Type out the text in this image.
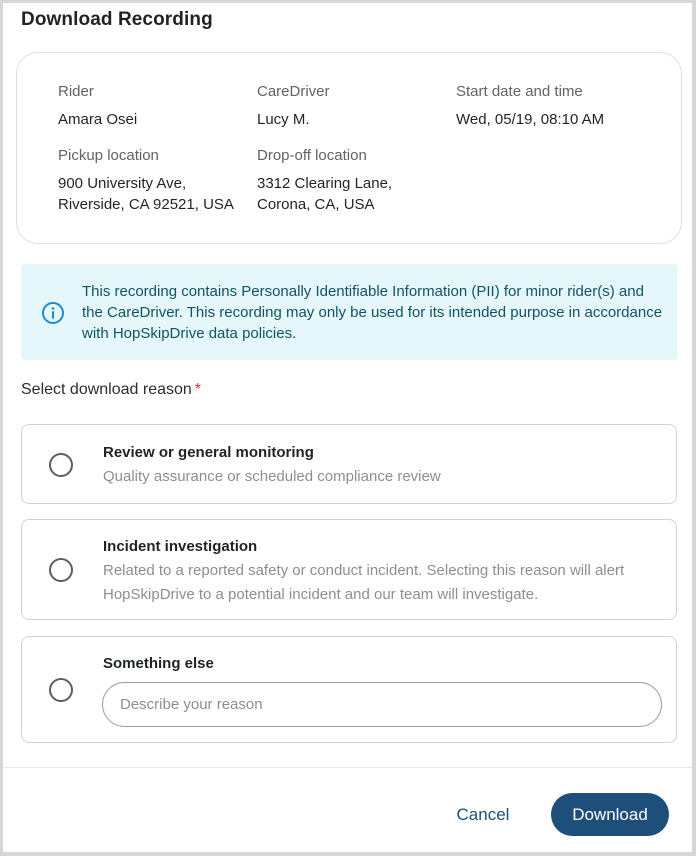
Download Recording
Rider
Amara Osei
CareDriver
Lucy M.
Start date and time
Wed, 05/19, 08:10 AM
Pickup location
900 University Ave,
Riverside, CA 92521, USA
Drop-off location
3312 Clearing Lane,
Corona, CA, USA
This recording contains Personally Identifiable Information (PII) for minor rider(s) and the CareDriver. This recording may only be used for its intended purpose in accordance with HopSkipDrive data policies.
Select download reason *
Review or general monitoring
Quality assurance or scheduled compliance review
Incident investigation
Related to a reported safety or conduct incident. Selecting this reason will alert HopSkipDrive to a potential incident and our team will investigate.
Something else
Describe your reason
Cancel	Download
